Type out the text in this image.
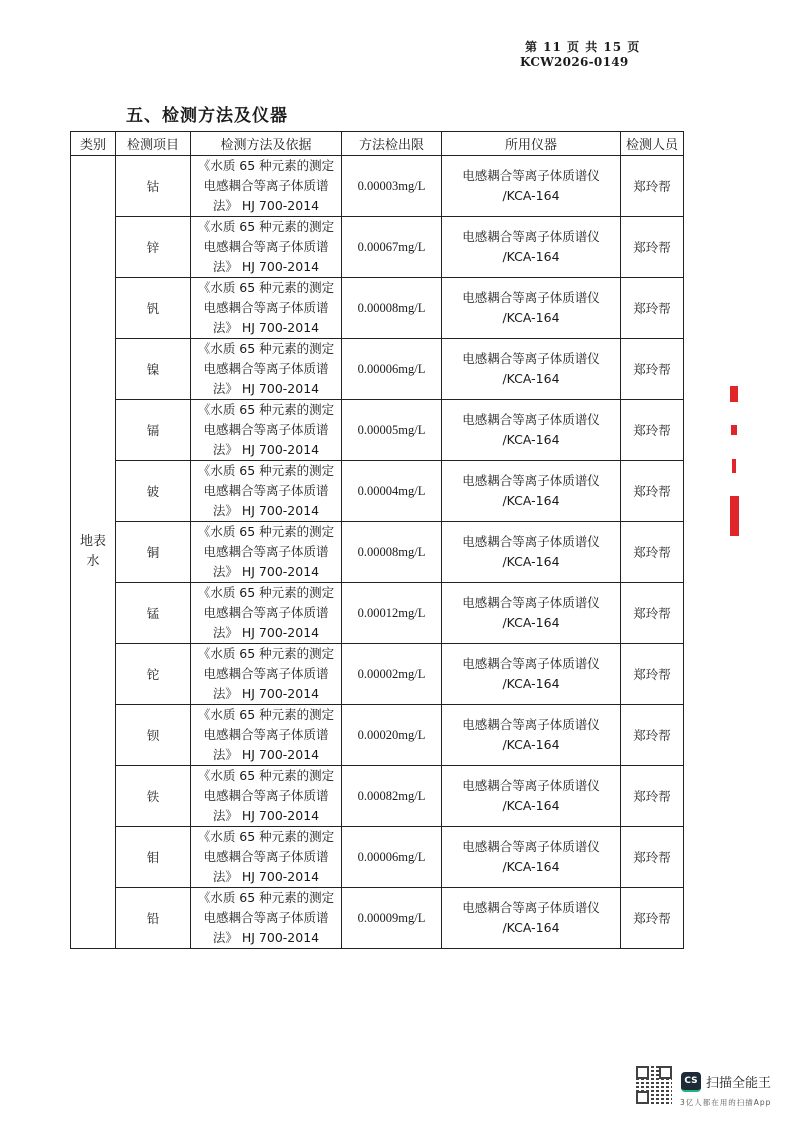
第 11 页 共 15 页
KCW2026-0149
五、检测方法及仪器
类别	检测项目	检测方法及依据	方法检出限	所用仪器	检测人员
地表水	钴	《水质 65 种元素的测定
电感耦合等离子体质谱
法》 HJ 700-2014	0.00003mg/L	电感耦合等离子体质谱仪
/KCA-164	郑玲帮
	锌	《水质 65 种元素的测定
电感耦合等离子体质谱
法》 HJ 700-2014	0.00067mg/L	电感耦合等离子体质谱仪
/KCA-164	郑玲帮
	钒	《水质 65 种元素的测定
电感耦合等离子体质谱
法》 HJ 700-2014	0.00008mg/L	电感耦合等离子体质谱仪
/KCA-164	郑玲帮
	镍	《水质 65 种元素的测定
电感耦合等离子体质谱
法》 HJ 700-2014	0.00006mg/L	电感耦合等离子体质谱仪
/KCA-164	郑玲帮
	镉	《水质 65 种元素的测定
电感耦合等离子体质谱
法》 HJ 700-2014	0.00005mg/L	电感耦合等离子体质谱仪
/KCA-164	郑玲帮
	铍	《水质 65 种元素的测定
电感耦合等离子体质谱
法》 HJ 700-2014	0.00004mg/L	电感耦合等离子体质谱仪
/KCA-164	郑玲帮
	铜	《水质 65 种元素的测定
电感耦合等离子体质谱
法》 HJ 700-2014	0.00008mg/L	电感耦合等离子体质谱仪
/KCA-164	郑玲帮
	锰	《水质 65 种元素的测定
电感耦合等离子体质谱
法》 HJ 700-2014	0.00012mg/L	电感耦合等离子体质谱仪
/KCA-164	郑玲帮
	铊	《水质 65 种元素的测定
电感耦合等离子体质谱
法》 HJ 700-2014	0.00002mg/L	电感耦合等离子体质谱仪
/KCA-164	郑玲帮
	钡	《水质 65 种元素的测定
电感耦合等离子体质谱
法》 HJ 700-2014	0.00020mg/L	电感耦合等离子体质谱仪
/KCA-164	郑玲帮
	铁	《水质 65 种元素的测定
电感耦合等离子体质谱
法》 HJ 700-2014	0.00082mg/L	电感耦合等离子体质谱仪
/KCA-164	郑玲帮
	钼	《水质 65 种元素的测定
电感耦合等离子体质谱
法》 HJ 700-2014	0.00006mg/L	电感耦合等离子体质谱仪
/KCA-164	郑玲帮
	铅	《水质 65 种元素的测定
电感耦合等离子体质谱
法》 HJ 700-2014	0.00009mg/L	电感耦合等离子体质谱仪
/KCA-164	郑玲帮
CS 扫描全能王
3亿人都在用的扫描App
